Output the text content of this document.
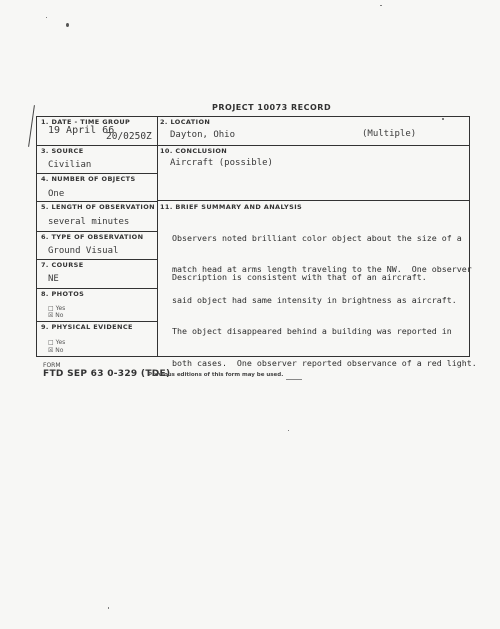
PROJECT 10073 RECORD
1. DATE - TIME GROUP
19 April 66
20/0250Z
2. LOCATION
Dayton, Ohio	(Multiple)
3. SOURCE
Civilian
10. CONCLUSION
Aircraft (possible)
4. NUMBER OF OBJECTS
One
5. LENGTH OF OBSERVATION
several minutes
6. TYPE OF OBSERVATION
Ground Visual
7. COURSE
NE
8. PHOTOS
□ Yes
☒ No
9. PHYSICAL EVIDENCE
□ Yes
☒ No
11. BRIEF SUMMARY AND ANALYSIS

Observers noted brilliant color object about the size of a

match head at arms length traveling to the NW.  One observer

said object had same intensity in brightness as aircraft.

The object disappeared behind a building was reported in

both cases.  One observer reported observance of a red light.

Description is consistent with that of an aircraft.
FORM
FTD SEP 63 0-329 (TDE)
Previous editions of this form may be used.
